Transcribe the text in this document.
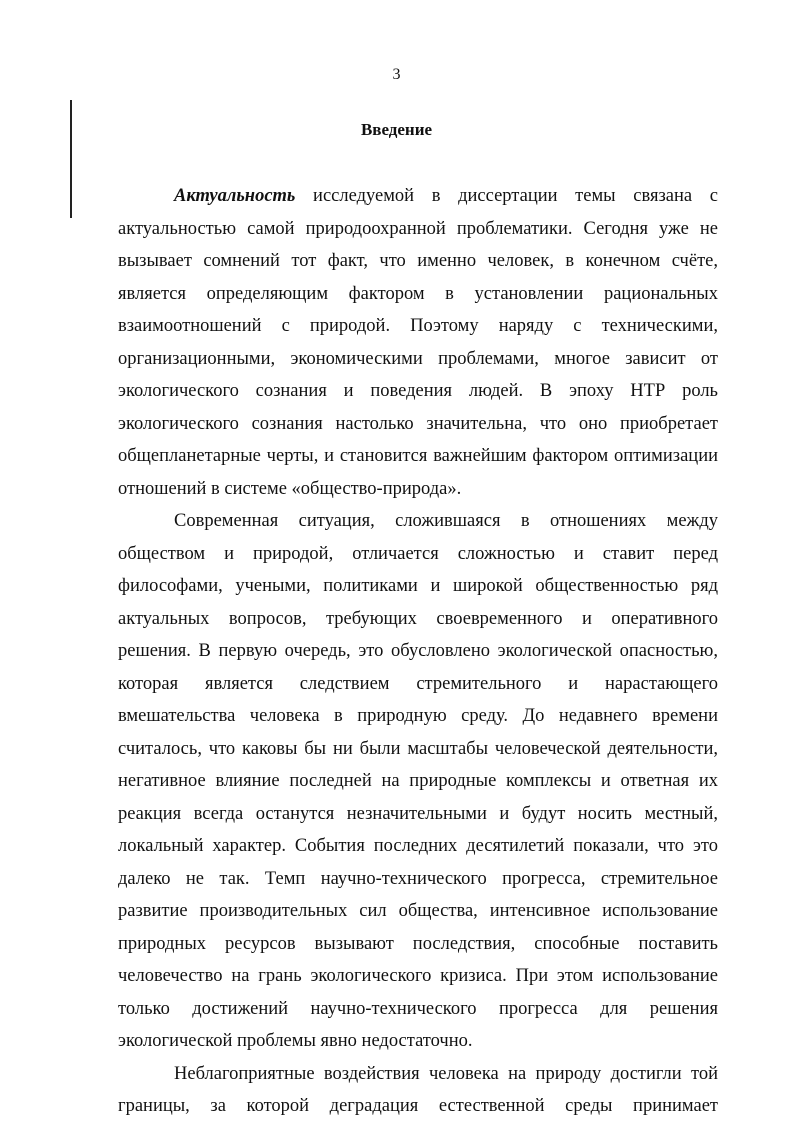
3
Введение

Актуальность исследуемой в диссертации темы связана с актуальностью самой природоохранной проблематики. Сегодня уже не вызывает сомнений тот факт, что именно человек, в конечном счёте, является определяющим фактором в установлении рациональных взаимоотношений с природой. Поэтому наряду с техническими, организационными, экономическими проблемами, многое зависит от экологического сознания и поведения людей. В эпоху НТР роль экологического сознания настолько значительна, что оно приобретает общепланетарные черты, и становится важнейшим фактором оптимизации отношений в системе «общество-природа».

Современная ситуация, сложившаяся в отношениях между обществом и природой, отличается сложностью и ставит перед философами, учеными, политиками и широкой общественностью ряд актуальных вопросов, требующих своевременного и оперативного решения. В первую очередь, это обусловлено экологической опасностью, которая является следствием стремительного и нарастающего вмешательства человека в природную среду. До недавнего времени считалось, что каковы бы ни были масштабы человеческой деятельности, негативное влияние последней на природные комплексы и ответная их реакция всегда останутся незначительными и будут носить местный, локальный характер. События последних десятилетий показали, что это далеко не так. Темп научно-технического прогресса, стремительное развитие производительных сил общества, интенсивное использование природных ресурсов вызывают последствия, способные поставить человечество на грань экологического кризиса. При этом использование только достижений научно-технического прогресса для решения экологической проблемы явно недостаточно.

Неблагоприятные воздействия человека на природу достигли той границы, за которой деградация естественной среды принимает
